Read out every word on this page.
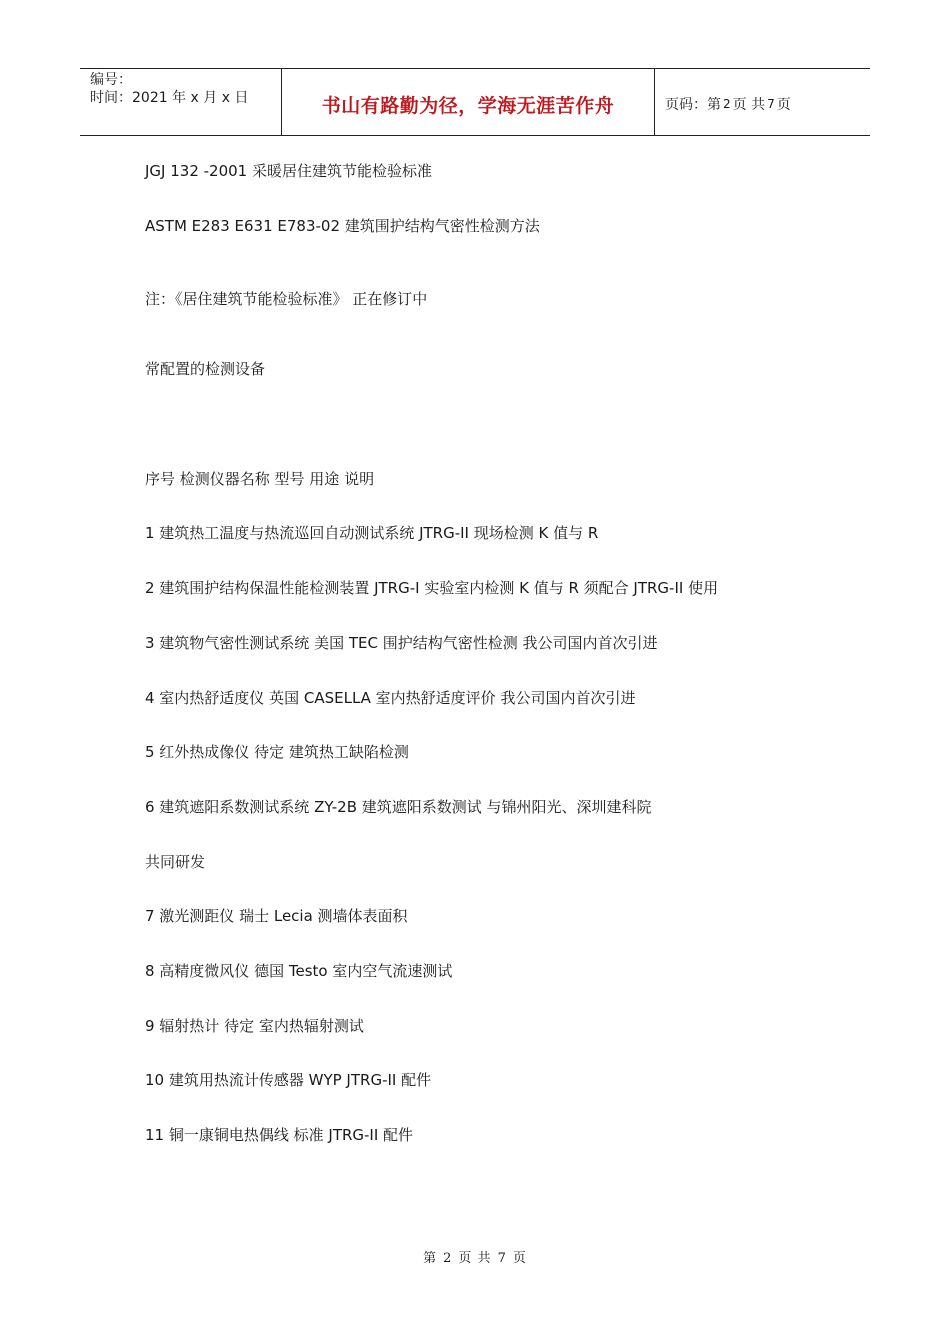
编号：
时间：2021 年 x 月 x 日	书山有路勤为径，学海无涯苦作舟	页码：第 2 页 共 7 页
JGJ 132 -2001 采暖居住建筑节能检验标准
ASTM E283 E631 E783-02 建筑围护结构气密性检测方法
注：《居住建筑节能检验标准》 正在修订中
常配置的检测设备
序号 检测仪器名称 型号 用途 说明
1 建筑热工温度与热流巡回自动测试系统 JTRG-II 现场检测 K 值与 R
2 建筑围护结构保温性能检测装置 JTRG-I 实验室内检测 K 值与 R 须配合 JTRG-II 使用
3 建筑物气密性测试系统 美国 TEC 围护结构气密性检测 我公司国内首次引进
4 室内热舒适度仪 英国 CASELLA 室内热舒适度评价 我公司国内首次引进
5 红外热成像仪 待定 建筑热工缺陷检测
6 建筑遮阳系数测试系统 ZY-2B 建筑遮阳系数测试 与锦州阳光、深圳建科院
共同研发
7 激光测距仪 瑞士 Lecia 测墙体表面积
8 高精度微风仪 德国 Testo 室内空气流速测试
9 辐射热计 待定 室内热辐射测试
10 建筑用热流计传感器 WYP JTRG-II 配件
11 铜一康铜电热偶线 标准 JTRG-II 配件
第 2 页 共 7 页
